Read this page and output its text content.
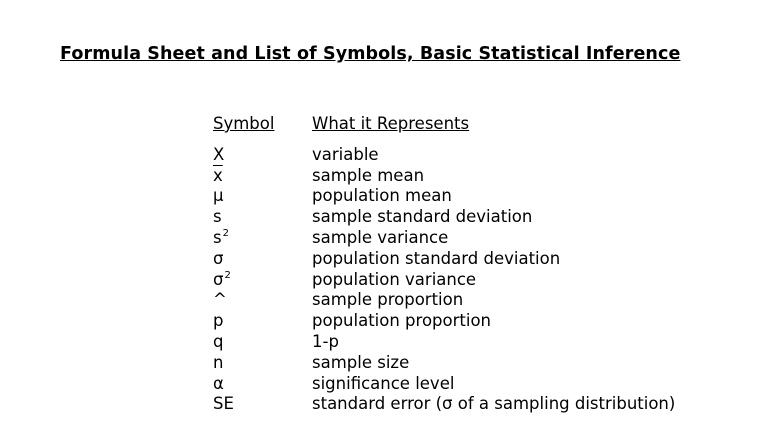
Formula Sheet and List of Symbols, Basic Statistical Inference
Symbol	What it Represents
X	variable
$\overline{x}$	sample mean
μ	population mean
s	sample standard deviation
$s^2$	sample variance
σ	population standard deviation
$\sigma^2$	population variance
^	sample proportion
p	population proportion
q	1-p
n	sample size
α	significance level
SE	standard error (σ of a sampling distribution)
